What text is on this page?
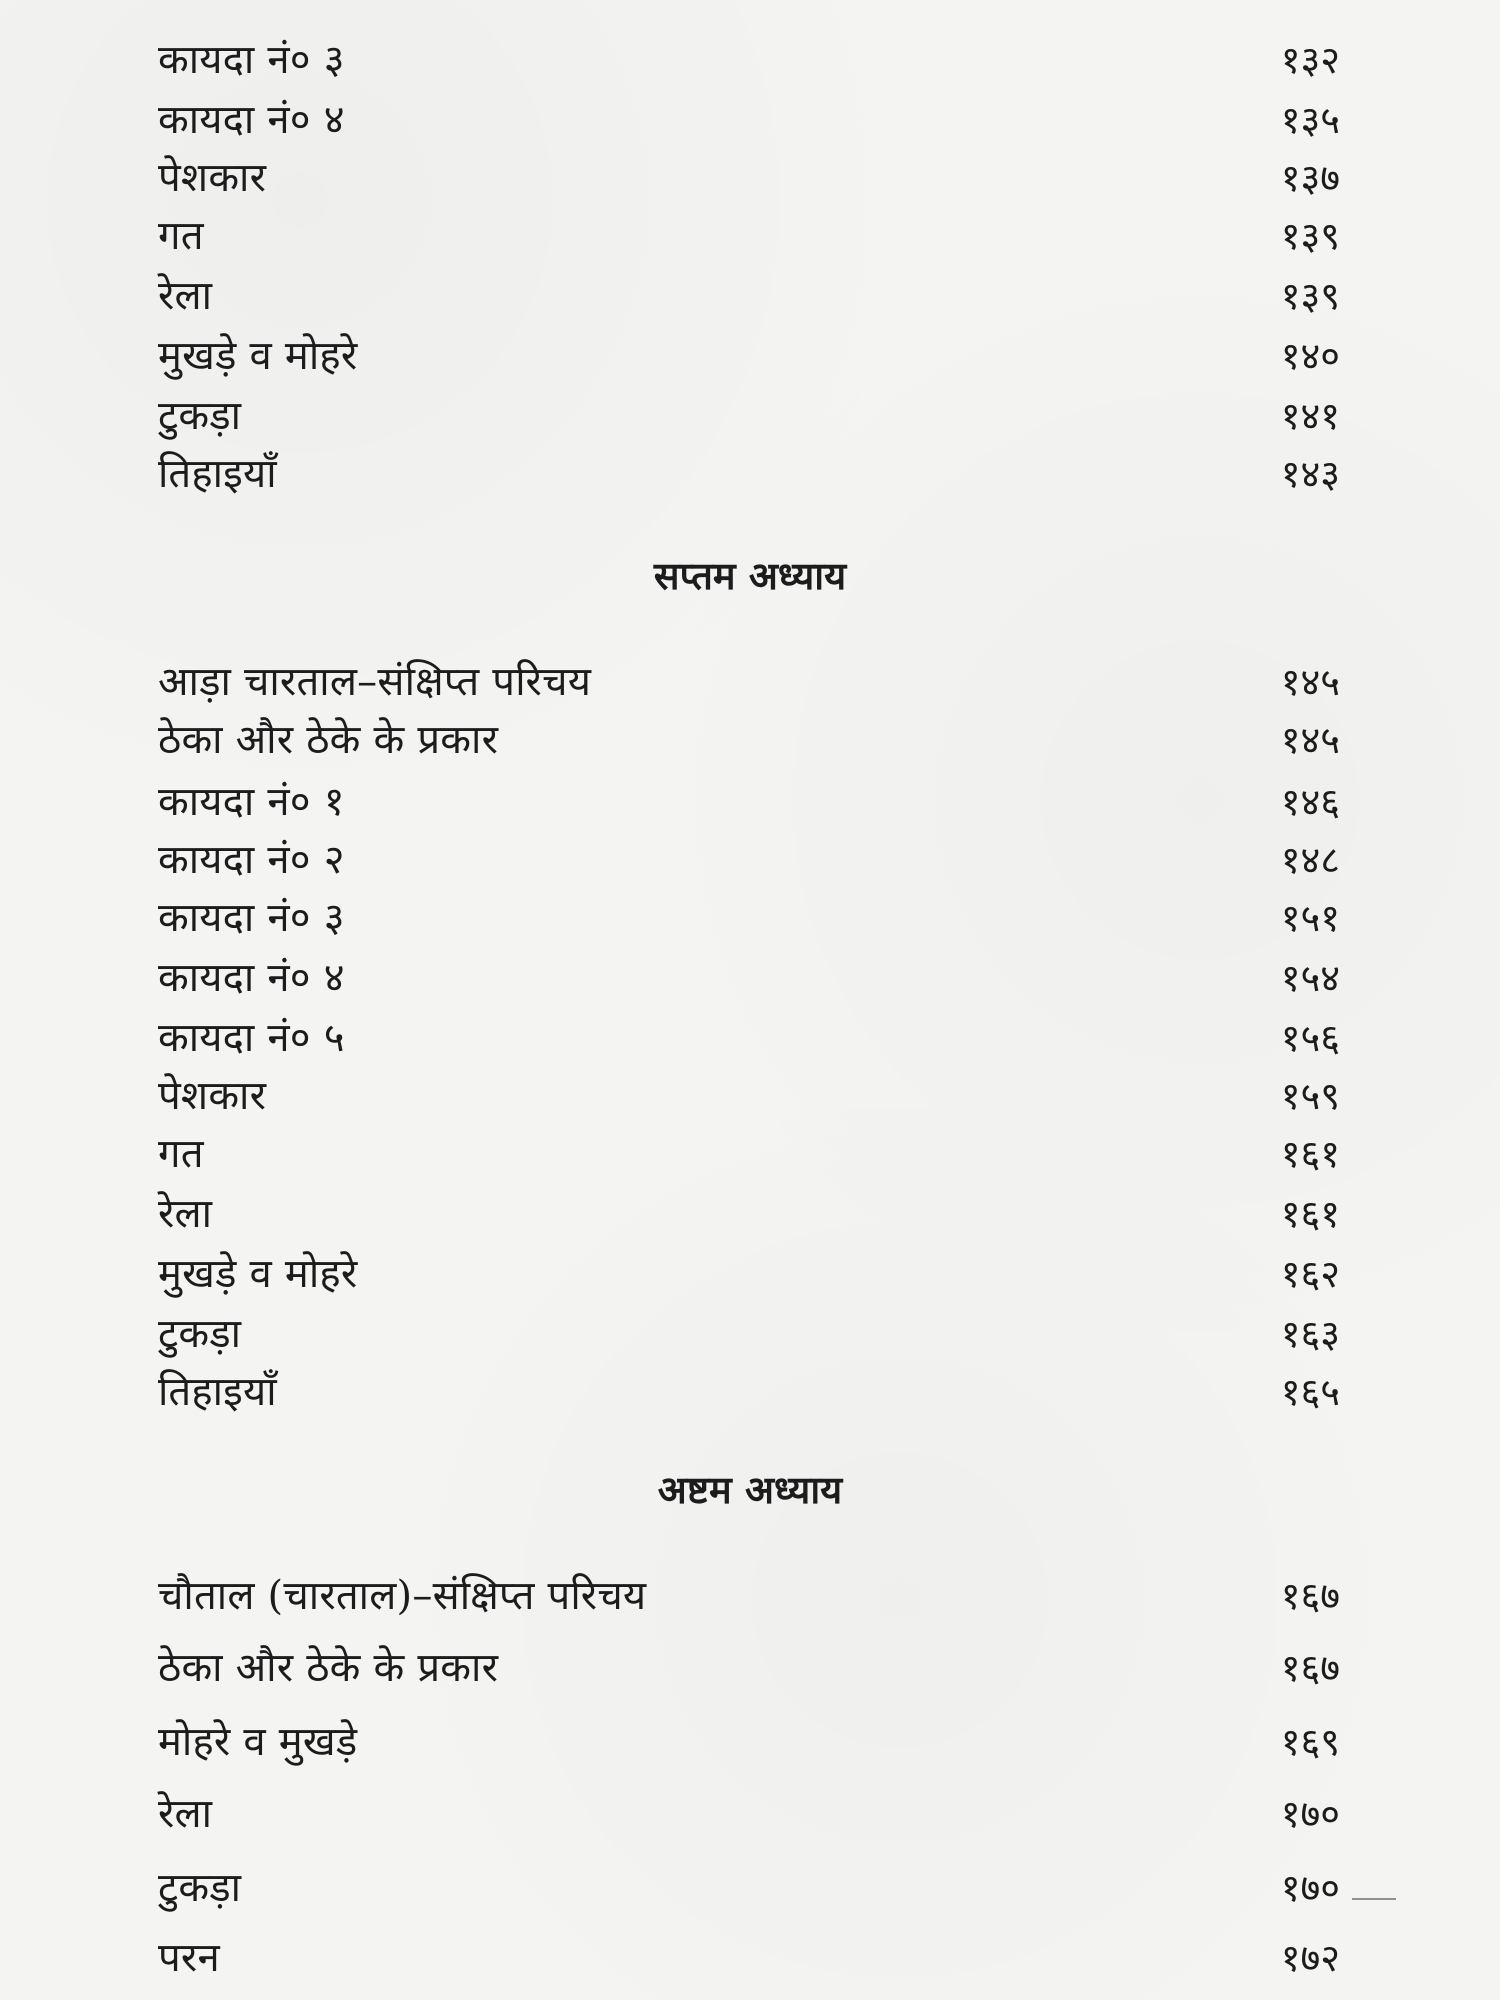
कायदा नं० ३	१३२
कायदा नं० ४	१३५
पेशकार	१३७
गत	१३९
रेला	१३९
मुखड़े व मोहरे	१४०
टुकड़ा	१४१
तिहाइयाँ	१४३
सप्तम अध्याय
आड़ा चारताल–संक्षिप्त परिचय	१४५
ठेका और ठेके के प्रकार	१४५
कायदा नं० १	१४६
कायदा नं० २	१४८
कायदा नं० ३	१५१
कायदा नं० ४	१५४
कायदा नं० ५	१५६
पेशकार	१५९
गत	१६१
रेला	१६१
मुखड़े व मोहरे	१६२
टुकड़ा	१६३
तिहाइयाँ	१६५
अष्टम अध्याय
चौताल (चारताल)–संक्षिप्त परिचय	१६७
ठेका और ठेके के प्रकार	१६७
मोहरे व मुखड़े	१६९
रेला	१७०
टुकड़ा	१७०
परन	१७२
